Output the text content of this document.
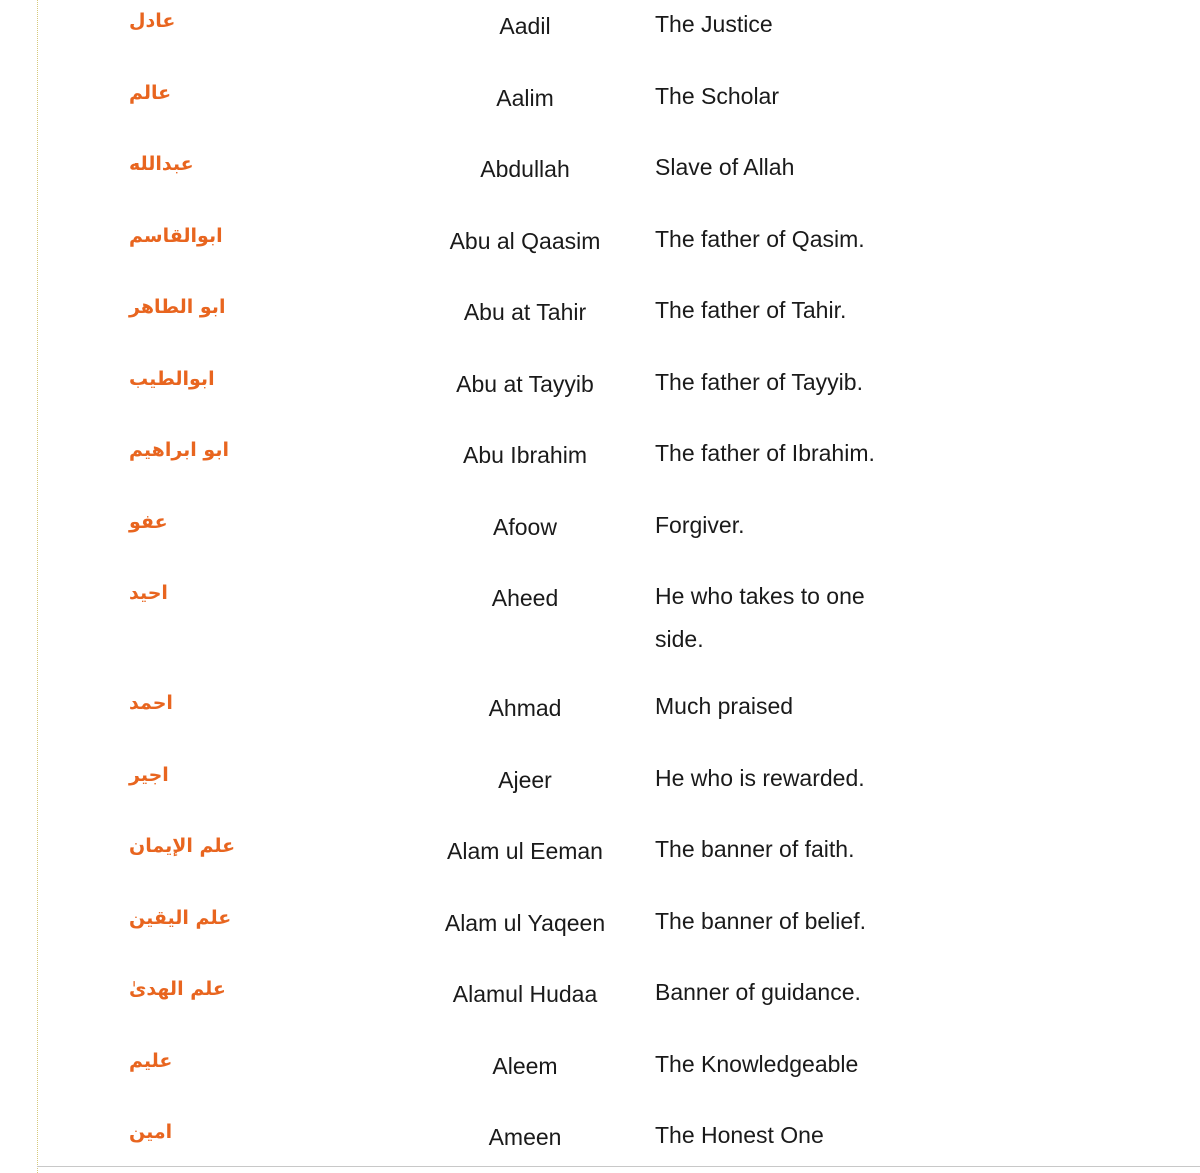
عادل	Aadil	The Justice
عالم	Aalim	The Scholar
عبدالله	Abdullah	Slave of Allah
ابوالقاسم	Abu al Qaasim	The father of Qasim.
ابو الطاهر	Abu at Tahir	The father of Tahir.
ابوالطيب	Abu at Tayyib	The father of Tayyib.
ابو ابراهيم	Abu Ibrahim	The father of Ibrahim.
عفو	Afoow	Forgiver.
احيد	Aheed	He who takes to one side.
احمد	Ahmad	Much praised
اجير	Ajeer	He who is rewarded.
علم الإيمان	Alam ul Eeman	The banner of faith.
علم اليقين	Alam ul Yaqeen	The banner of belief.
علم الهدىٰ	Alamul Hudaa	Banner of guidance.
عليم	Aleem	The Knowledgeable
امين	Ameen	The Honest One
